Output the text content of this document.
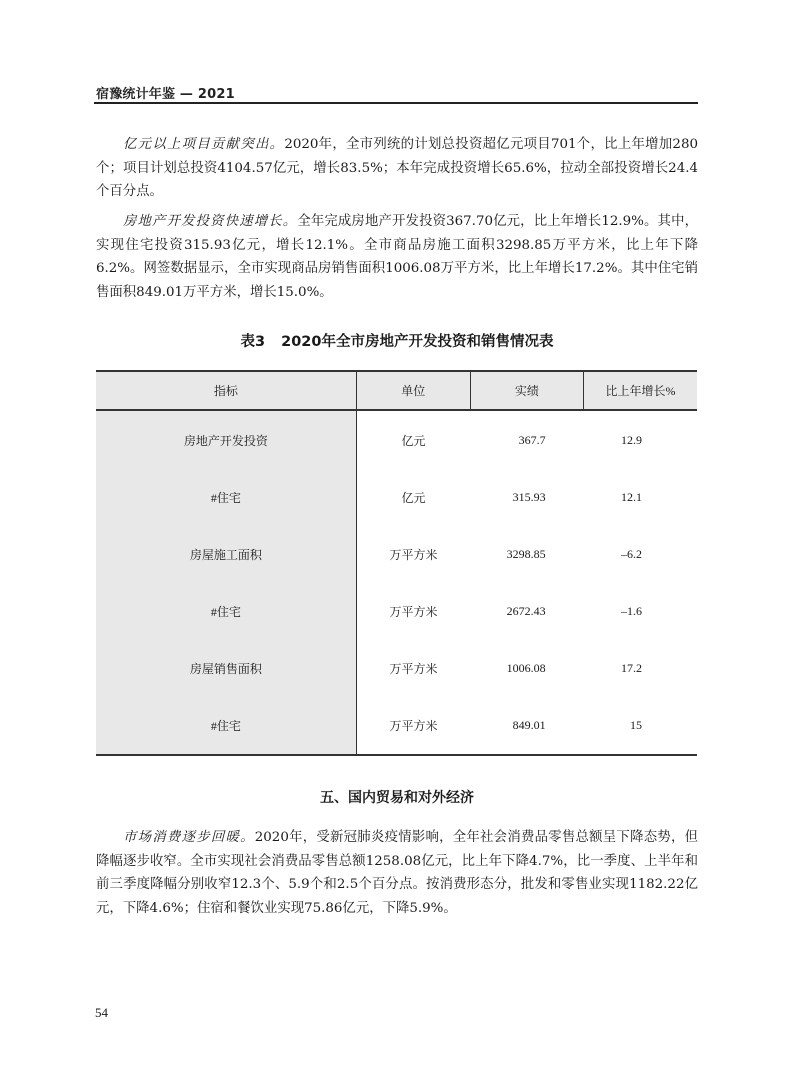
宿豫统计年鉴 — 2021

亿元以上项目贡献突出。2020年，全市列统的计划总投资超亿元项目701个，比上年增加280个；项目计划总投资4104.57亿元，增长83.5%；本年完成投资增长65.6%，拉动全部投资增长24.4个百分点。

房地产开发投资快速增长。全年完成房地产开发投资367.70亿元，比上年增长12.9%。其中，实现住宅投资315.93亿元，增长12.1%。全市商品房施工面积3298.85万平方米，比上年下降6.2%。网签数据显示，全市实现商品房销售面积1006.08万平方米，比上年增长17.2%。其中住宅销售面积849.01万平方米，增长15.0%。

表3 2020年全市房地产开发投资和销售情况表
指标	单位	实绩	比上年增长%
房地产开发投资	亿元	367.7	12.9
#住宅	亿元	315.93	12.1
房屋施工面积	万平方米	3298.85	–6.2
#住宅	万平方米	2672.43	–1.6
房屋销售面积	万平方米	1006.08	17.2
#住宅	万平方米	849.01	15
五、国内贸易和对外经济

市场消费逐步回暖。2020年，受新冠肺炎疫情影响，全年社会消费品零售总额呈下降态势，但降幅逐步收窄。全市实现社会消费品零售总额1258.08亿元，比上年下降4.7%，比一季度、上半年和前三季度降幅分别收窄12.3个、5.9个和2.5个百分点。按消费形态分，批发和零售业实现1182.22亿元，下降4.6%；住宿和餐饮业实现75.86亿元，下降5.9%。

54
